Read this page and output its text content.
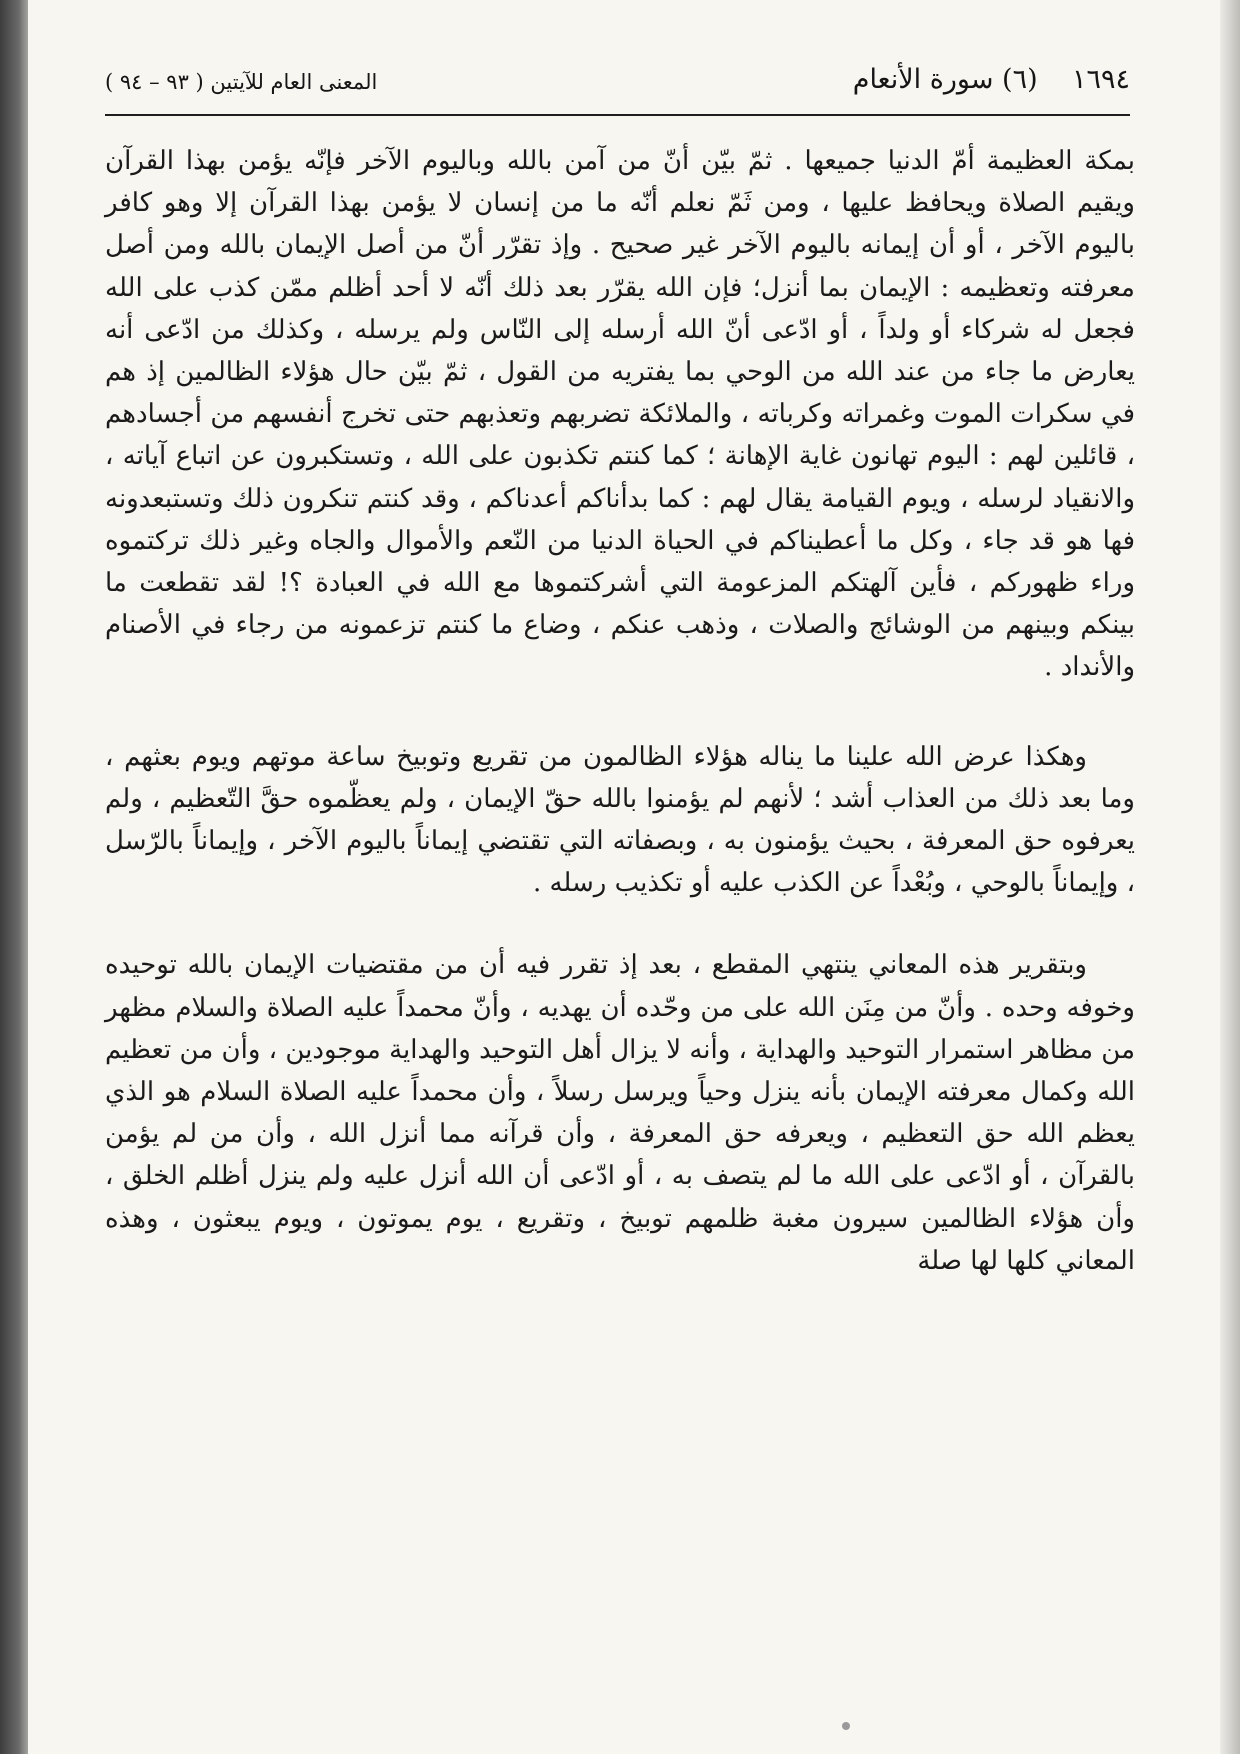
١٦٩٤    (٦) سورة الأنعام
المعنى العام للآيتين ( ٩٣ – ٩٤ )

بمكة العظيمة أمّ الدنيا جميعها . ثمّ بيّن أنّ من آمن بالله وباليوم الآخر فإنّه يؤمن بهذا القرآن ويقيم الصلاة ويحافظ عليها ، ومن ثَمّ نعلم أنّه ما من إنسان لا يؤمن بهذا القرآن إلا وهو كافر باليوم الآخر ، أو أن إيمانه باليوم الآخر غير صحيح . وإذ تقرّر أنّ من أصل الإيمان بالله ومن أصل معرفته وتعظيمه : الإيمان بما أنزل؛ فإن الله يقرّر بعد ذلك أنّه لا أحد أظلم ممّن كذب على الله فجعل له شركاء أو ولداً ، أو ادّعى أنّ الله أرسله إلى النّاس ولم يرسله ، وكذلك من ادّعى أنه يعارض ما جاء من عند الله من الوحي بما يفتريه من القول ، ثمّ بيّن حال هؤلاء الظالمين إذ هم في سكرات الموت وغمراته وكرباته ، والملائكة تضربهم وتعذبهم حتى تخرج أنفسهم من أجسادهم ، قائلين لهم : اليوم تهانون غاية الإهانة ؛ كما كنتم تكذبون على الله ، وتستكبرون عن اتباع آياته ، والانقياد لرسله ، ويوم القيامة يقال لهم : كما بدأناكم أعدناكم ، وقد كنتم تنكرون ذلك وتستبعدونه فها هو قد جاء ، وكل ما أعطيناكم في الحياة الدنيا من النّعم والأموال والجاه وغير ذلك تركتموه وراء ظهوركم ، فأين آلهتكم المزعومة التي أشركتموها مع الله في العبادة ؟! لقد تقطعت ما بينكم وبينهم من الوشائج والصلات ، وذهب عنكم ، وضاع ما كنتم تزعمونه من رجاء في الأصنام والأنداد .

وهكذا عرض الله علينا ما يناله هؤلاء الظالمون من تقريع وتوبيخ ساعة موتهم ويوم بعثهم ، وما بعد ذلك من العذاب أشد ؛ لأنهم لم يؤمنوا بالله حقّ الإيمان ، ولم يعظّموه حقَّ التّعظيم ، ولم يعرفوه حق المعرفة ، بحيث يؤمنون به ، وبصفاته التي تقتضي إيماناً باليوم الآخر ، وإيماناً بالرّسل ، وإيماناً بالوحي ، وبُعْداً عن الكذب عليه أو تكذيب رسله .

وبتقرير هذه المعاني ينتهي المقطع ، بعد إذ تقرر فيه أن من مقتضيات الإيمان بالله توحيده وخوفه وحده . وأنّ من مِنَن الله على من وحّده أن يهديه ، وأنّ محمداً عليه الصلاة والسلام مظهر من مظاهر استمرار التوحيد والهداية ، وأنه لا يزال أهل التوحيد والهداية موجودين ، وأن من تعظيم الله وكمال معرفته الإيمان بأنه ينزل وحياً ويرسل رسلاً ، وأن محمداً عليه الصلاة السلام هو الذي يعظم الله حق التعظيم ، ويعرفه حق المعرفة ، وأن قرآنه مما أنزل الله ، وأن من لم يؤمن بالقرآن ، أو ادّعى على الله ما لم يتصف به ، أو ادّعى أن الله أنزل عليه ولم ينزل أظلم الخلق ، وأن هؤلاء الظالمين سيرون مغبة ظلمهم توبيخ ، وتقريع ، يوم يموتون ، ويوم يبعثون ، وهذه المعاني كلها لها صلة
